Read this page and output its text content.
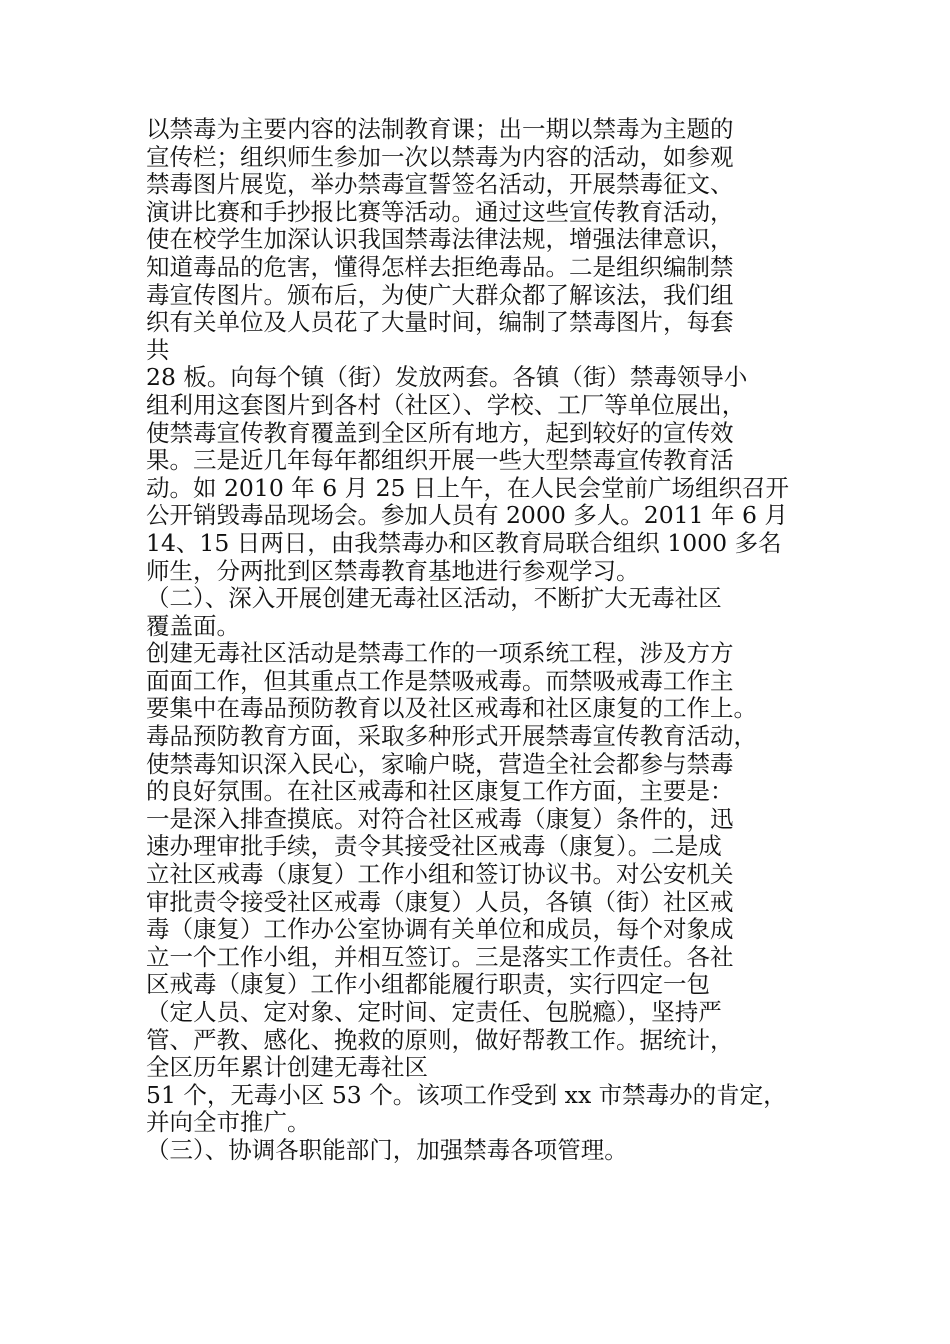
以禁毒为主要内容的法制教育课；出一期以禁毒为主题的
宣传栏；组织师生参加一次以禁毒为内容的活动，如参观
禁毒图片展览，举办禁毒宣誓签名活动，开展禁毒征文、
演讲比赛和手抄报比赛等活动。通过这些宣传教育活动，
使在校学生加深认识我国禁毒法律法规，增强法律意识，
知道毒品的危害，懂得怎样去拒绝毒品。二是组织编制禁
毒宣传图片。颁布后，为使广大群众都了解该法，我们组
织有关单位及人员花了大量时间，编制了禁毒图片，每套
共
28 板。向每个镇（街）发放两套。各镇（街）禁毒领导小
组利用这套图片到各村（社区）、学校、工厂等单位展出，
使禁毒宣传教育覆盖到全区所有地方，起到较好的宣传效
果。三是近几年每年都组织开展一些大型禁毒宣传教育活
动。如 2010 年 6 月 25 日上午，在人民会堂前广场组织召开
公开销毁毒品现场会。参加人员有 2000 多人。2011 年 6 月
14、15 日两日，由我禁毒办和区教育局联合组织 1000 多名
师生，分两批到区禁毒教育基地进行参观学习。
（二）、深入开展创建无毒社区活动，不断扩大无毒社区
覆盖面。
创建无毒社区活动是禁毒工作的一项系统工程，涉及方方
面面工作，但其重点工作是禁吸戒毒。而禁吸戒毒工作主
要集中在毒品预防教育以及社区戒毒和社区康复的工作上。
毒品预防教育方面，采取多种形式开展禁毒宣传教育活动，
使禁毒知识深入民心，家喻户晓，营造全社会都参与禁毒
的良好氛围。在社区戒毒和社区康复工作方面，主要是：
一是深入排查摸底。对符合社区戒毒（康复）条件的，迅
速办理审批手续，责令其接受社区戒毒（康复）。二是成
立社区戒毒（康复）工作小组和签订协议书。对公安机关
审批责令接受社区戒毒（康复）人员，各镇（街）社区戒
毒（康复）工作办公室协调有关单位和成员，每个对象成
立一个工作小组，并相互签订。三是落实工作责任。各社
区戒毒（康复）工作小组都能履行职责，实行四定一包
（定人员、定对象、定时间、定责任、包脱瘾），坚持严
管、严教、感化、挽救的原则，做好帮教工作。据统计，
全区历年累计创建无毒社区
51 个，无毒小区 53 个。该项工作受到 xx 市禁毒办的肯定，
并向全市推广。
（三）、协调各职能部门，加强禁毒各项管理。
